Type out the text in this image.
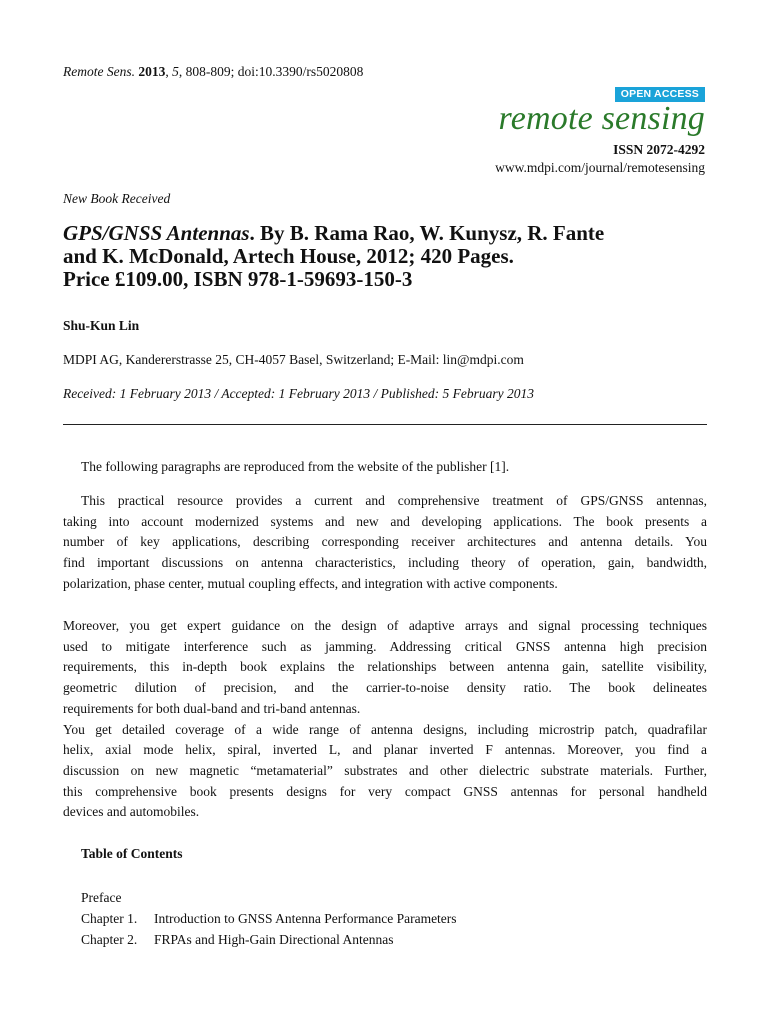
Remote Sens. 2013, 5, 808-809; doi:10.3390/rs5020808
OPEN ACCESS
remote sensing
ISSN 2072-4292
www.mdpi.com/journal/remotesensing
New Book Received
GPS/GNSS Antennas. By B. Rama Rao, W. Kunysz, R. Fante
and K. McDonald, Artech House, 2012; 420 Pages.
Price £109.00, ISBN 978-1-59693-150-3
Shu-Kun Lin
MDPI AG, Kandererstrasse 25, CH-4057 Basel, Switzerland; E-Mail: lin@mdpi.com
Received: 1 February 2013 / Accepted: 1 February 2013 / Published: 5 February 2013
The following paragraphs are reproduced from the website of the publisher [1].
This practical resource provides a current and comprehensive treatment of GPS/GNSS antennas,
taking into account modernized systems and new and developing applications. The book presents a
number of key applications, describing corresponding receiver architectures and antenna details. You
find important discussions on antenna characteristics, including theory of operation, gain, bandwidth,
polarization, phase center, mutual coupling effects, and integration with active components.
Moreover, you get expert guidance on the design of adaptive arrays and signal processing techniques
used to mitigate interference such as jamming. Addressing critical GNSS antenna high precision
requirements, this in-depth book explains the relationships between antenna gain, satellite visibility,
geometric dilution of precision, and the carrier-to-noise density ratio. The book delineates
requirements for both dual-band and tri-band antennas.
You get detailed coverage of a wide range of antenna designs, including microstrip patch, quadrafilar
helix, axial mode helix, spiral, inverted L, and planar inverted F antennas. Moreover, you find a
discussion on new magnetic “metamaterial” substrates and other dielectric substrate materials. Further,
this comprehensive book presents designs for very compact GNSS antennas for personal handheld
devices and automobiles.
Table of Contents
Preface
Chapter 1. Introduction to GNSS Antenna Performance Parameters
Chapter 2. FRPAs and High-Gain Directional Antennas
